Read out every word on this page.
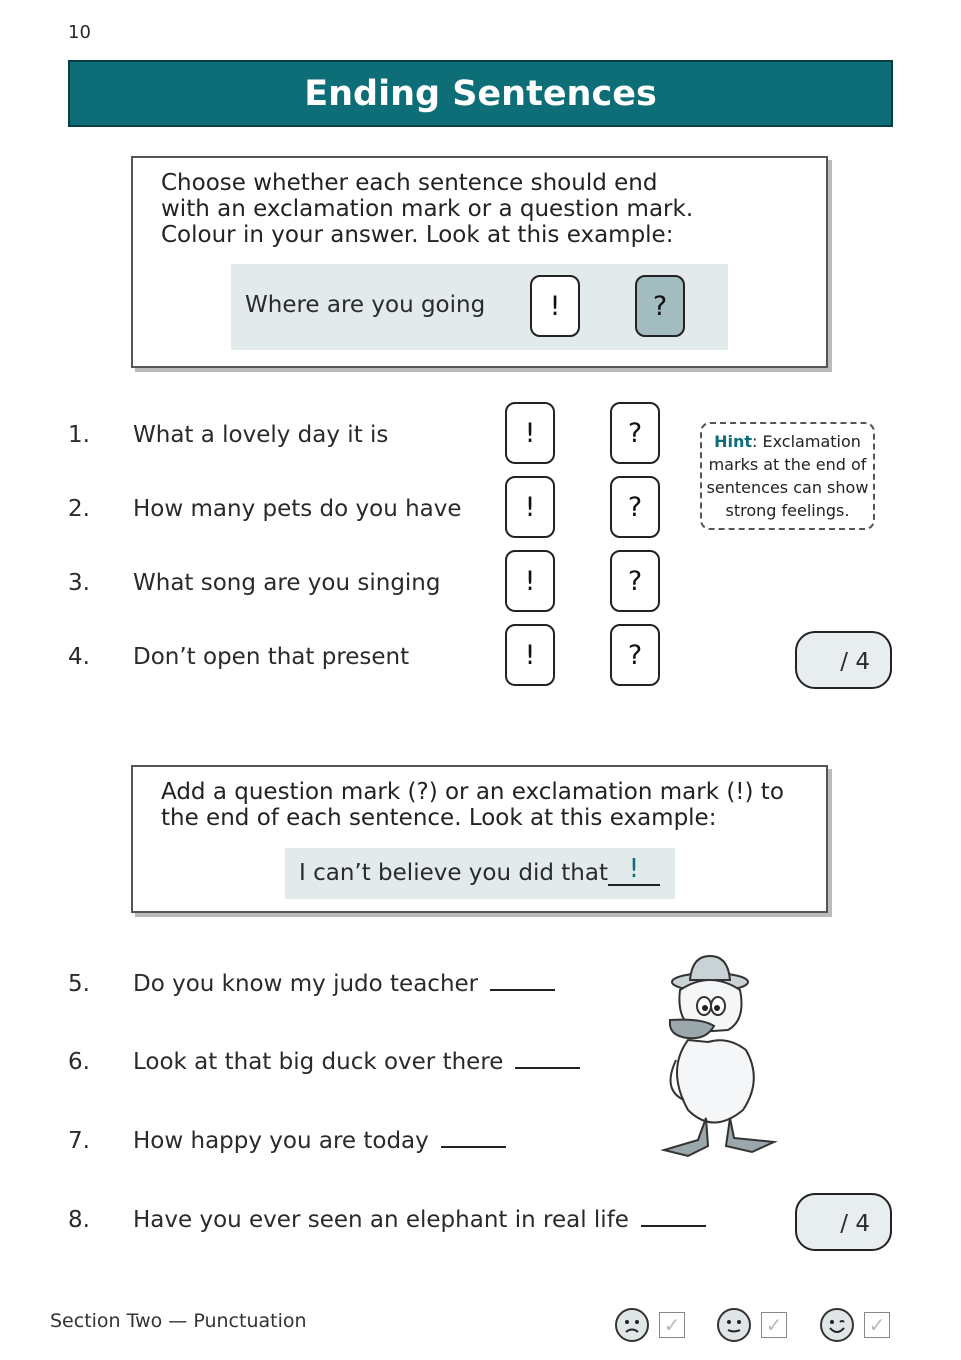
10
Ending Sentences
Choose whether each sentence should end
with an exclamation mark or a question mark.
Colour in your answer. Look at this example:
Where are you going	!	?
1. What a lovely day it is	!	?
2. How many pets do you have	!	?
3. What song are you singing	!	?
4. Don’t open that present	!	?
Hint: Exclamation marks at the end of sentences can show strong feelings.
/ 4
Add a question mark (?) or an exclamation mark (!) to
the end of each sentence. Look at this example:
I can’t believe you did that !
5. Do you know my judo teacher
6. Look at that big duck over there
7. How happy you are today
8. Have you ever seen an elephant in real life	/ 4
Section Two — Punctuation	✓	✓	✓
